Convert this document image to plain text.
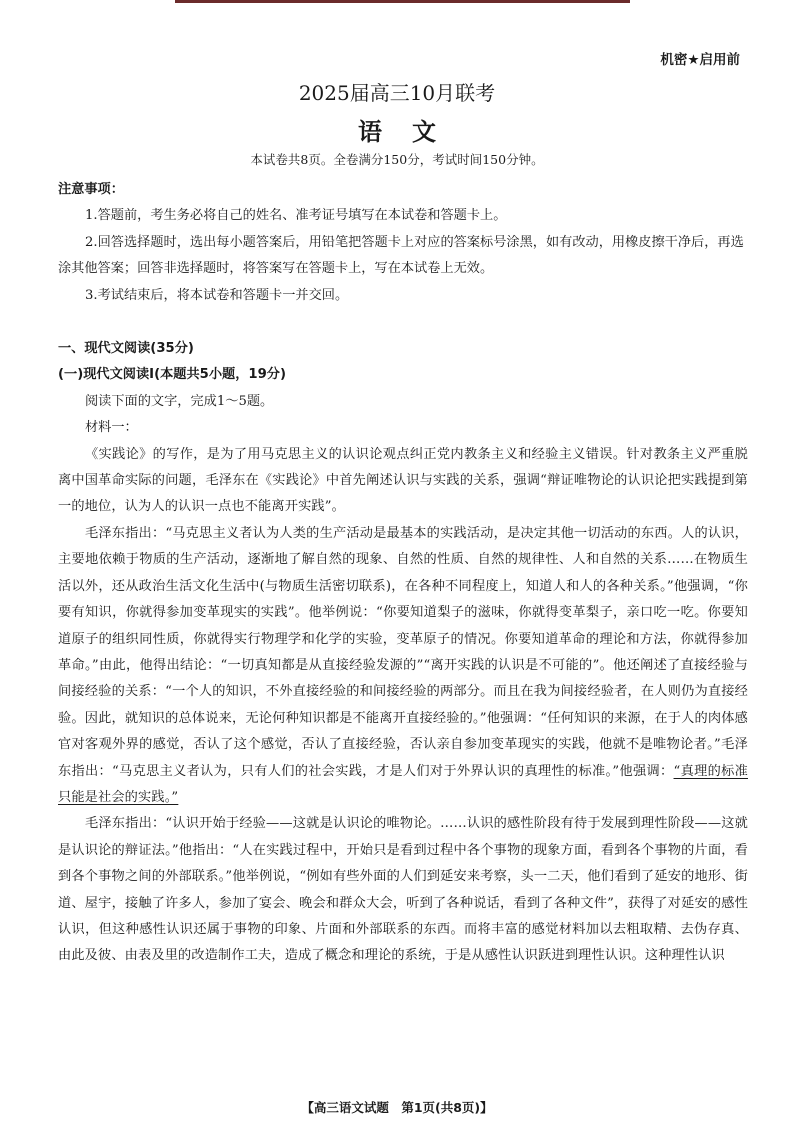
机密★启用前
2025届高三10月联考
语文
本试卷共8页。全卷满分150分，考试时间150分钟。

注意事项：

1.答题前，考生务必将自己的姓名、准考证号填写在本试卷和答题卡上。

2.回答选择题时，选出每小题答案后，用铅笔把答题卡上对应的答案标号涂黑，如有改动，用橡皮擦干净后，再选涂其他答案；回答非选择题时，将答案写在答题卡上，写在本试卷上无效。

3.考试结束后，将本试卷和答题卡一并交回。

一、现代文阅读(35分)

(一)现代文阅读Ⅰ(本题共5小题，19分)

阅读下面的文字，完成1～5题。

材料一：

《实践论》的写作，是为了用马克思主义的认识论观点纠正党内教条主义和经验主义错误。针对教条主义严重脱离中国革命实际的问题，毛泽东在《实践论》中首先阐述认识与实践的关系，强调“辩证唯物论的认识论把实践提到第一的地位，认为人的认识一点也不能离开实践”。

毛泽东指出：“马克思主义者认为人类的生产活动是最基本的实践活动，是决定其他一切活动的东西。人的认识，主要地依赖于物质的生产活动，逐渐地了解自然的现象、自然的性质、自然的规律性、人和自然的关系……在物质生活以外，还从政治生活文化生活中(与物质生活密切联系)，在各种不同程度上，知道人和人的各种关系。”他强调，“你要有知识，你就得参加变革现实的实践”。他举例说：“你要知道梨子的滋味，你就得变革梨子，亲口吃一吃。你要知道原子的组织同性质，你就得实行物理学和化学的实验，变革原子的情况。你要知道革命的理论和方法，你就得参加革命。”由此，他得出结论：“一切真知都是从直接经验发源的”“离开实践的认识是不可能的”。他还阐述了直接经验与间接经验的关系：“一个人的知识，不外直接经验的和间接经验的两部分。而且在我为间接经验者，在人则仍为直接经验。因此，就知识的总体说来，无论何种知识都是不能离开直接经验的。”他强调：“任何知识的来源，在于人的肉体感官对客观外界的感觉，否认了这个感觉，否认了直接经验，否认亲自参加变革现实的实践，他就不是唯物论者。”毛泽东指出：“马克思主义者认为，只有人们的社会实践，才是人们对于外界认识的真理性的标准。”他强调：“真理的标准只能是社会的实践。”

毛泽东指出：“认识开始于经验——这就是认识论的唯物论。……认识的感性阶段有待于发展到理性阶段——这就是认识论的辩证法。”他指出：“人在实践过程中，开始只是看到过程中各个事物的现象方面，看到各个事物的片面，看到各个事物之间的外部联系。”他举例说，“例如有些外面的人们到延安来考察，头一二天，他们看到了延安的地形、街道、屋宇，接触了许多人，参加了宴会、晚会和群众大会，听到了各种说话，看到了各种文件”，获得了对延安的感性认识，但这种感性认识还属于事物的印象、片面和外部联系的东西。而将丰富的感觉材料加以去粗取精、去伪存真、由此及彼、由表及里的改造制作工夫，造成了概念和理论的系统，于是从感性认识跃进到理性认识。这种理性认识

【高三语文试题　第1页(共8页)】
